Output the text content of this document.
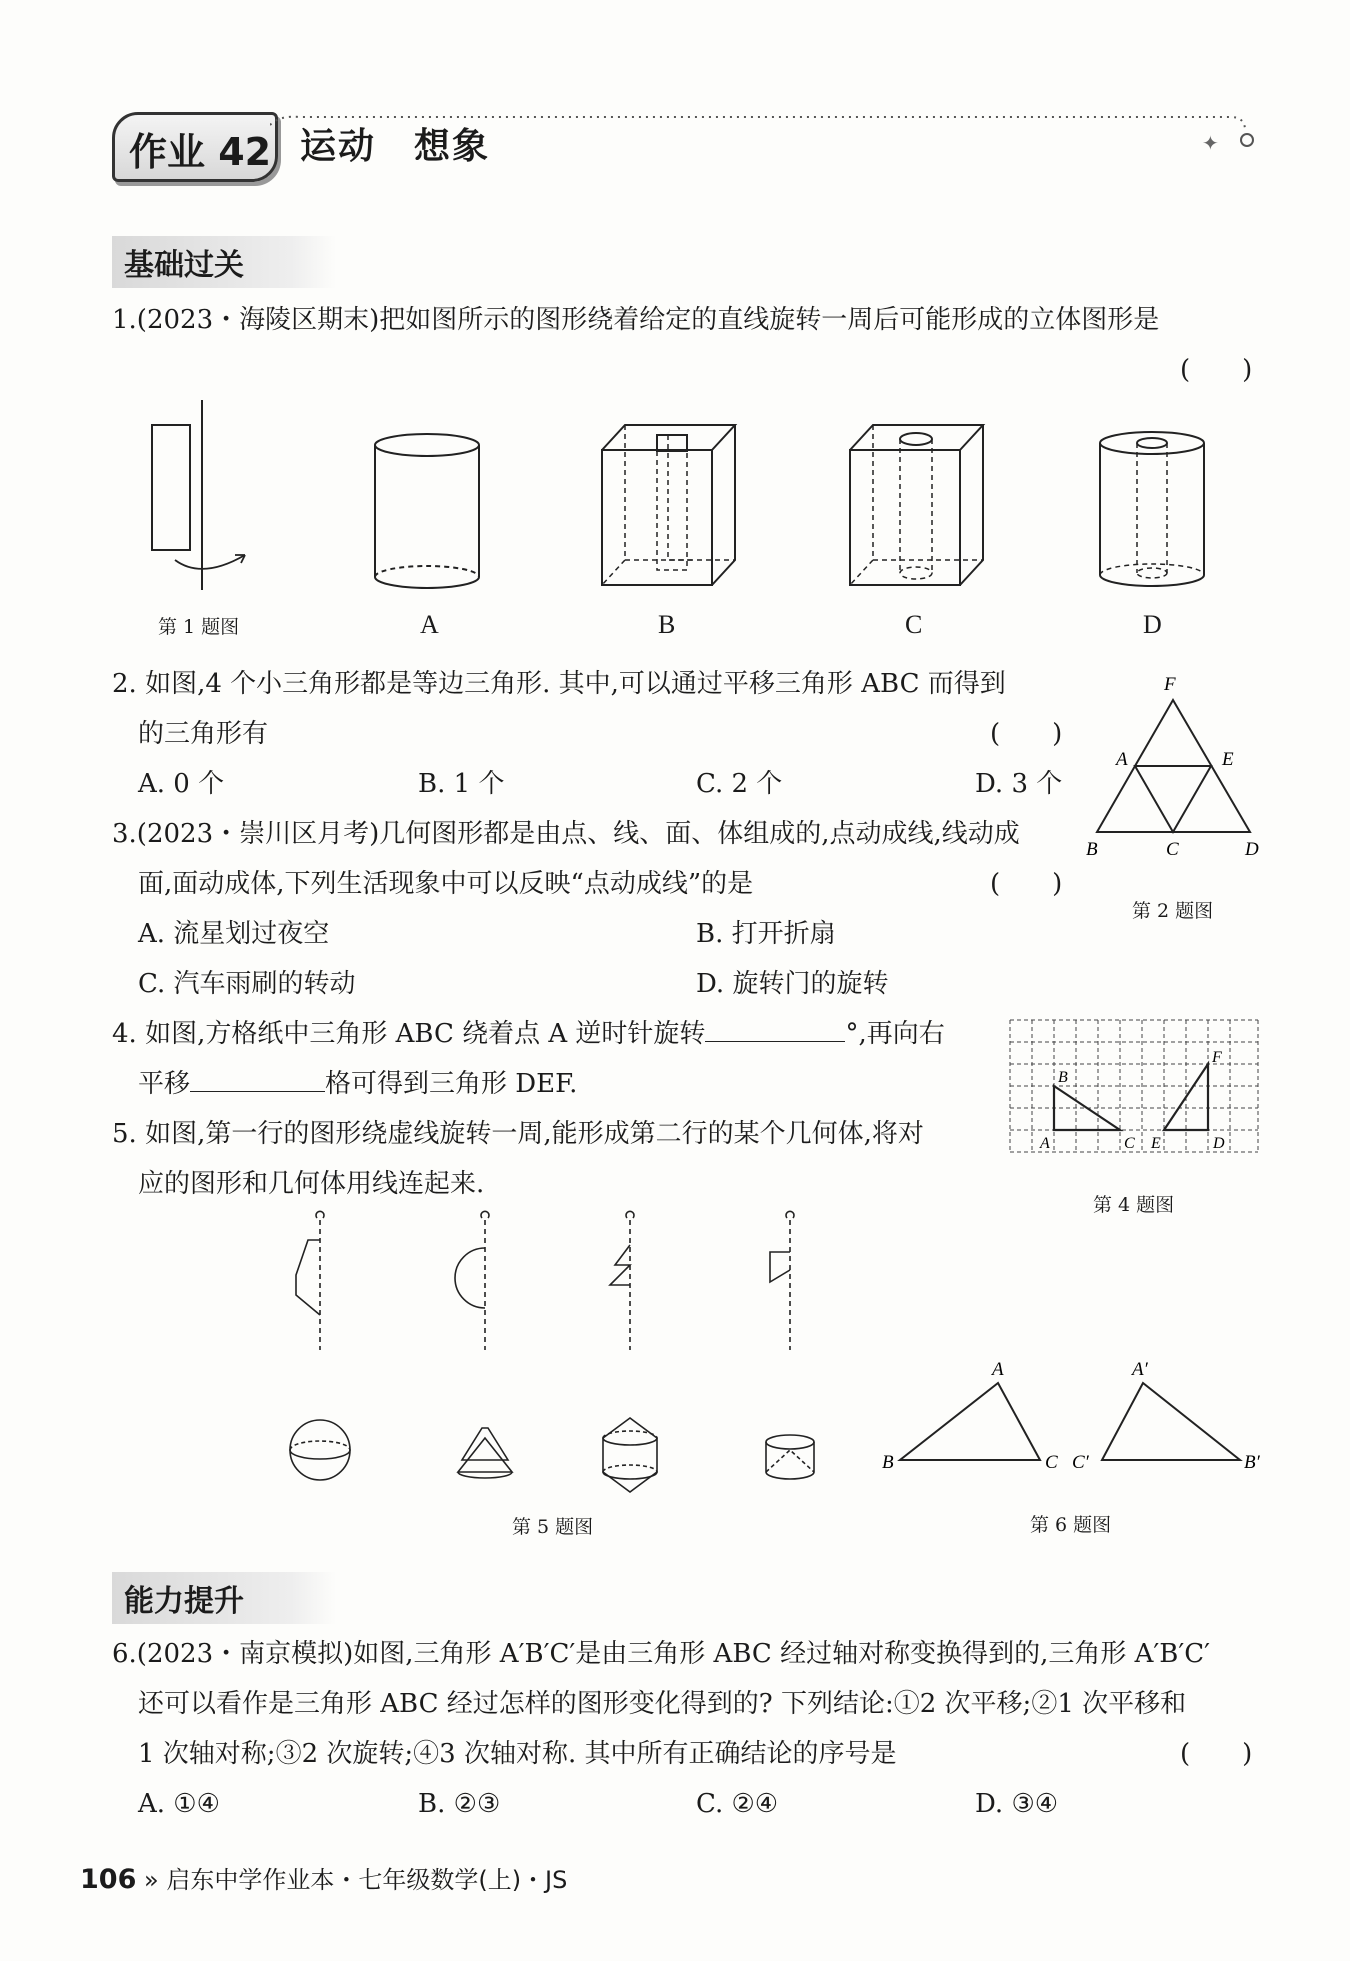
作业 42 运动　想象	✦
基础过关
1.(2023・海陵区期末)把如图所示的图形绕着给定的直线旋转一周后可能形成的立体图形是
(　　)
第 1 题图	A	B	C	D
2. 如图,4 个小三角形都是等边三角形. 其中,可以通过平移三角形 ABC 而得到
的三角形有	(　　)
A. 0 个	B. 1 个	C. 2 个	D. 3 个
F
A	E
B	C	D
第 2 题图
3.(2023・崇川区月考)几何图形都是由点、线、面、体组成的,点动成线,线动成
面,面动成体,下列生活现象中可以反映“点动成线”的是	(　　)
A. 流星划过夜空	B. 打开折扇
C. 汽车雨刷的转动	D. 旋转门的旋转
4. 如图,方格纸中三角形 ABC 绕着点 A 逆时针旋转	°,再向右
平移	格可得到三角形 DEF.	B
F
A	C E	D
第 4 题图
5. 如图,第一行的图形绕虚线旋转一周,能形成第二行的某个几何体,将对
应的图形和几何体用线连起来.
第 5 题图
A
B	C
A′
C′	B′
第 6 题图
能力提升
6.(2023・南京模拟)如图,三角形 A′B′C′是由三角形 ABC 经过轴对称变换得到的,三角形 A′B′C′
还可以看作是三角形 ABC 经过怎样的图形变化得到的? 下列结论:①2 次平移;②1 次平移和
1 次轴对称;③2 次旋转;④3 次轴对称. 其中所有正确结论的序号是	(　　)
A. ①④	B. ②③	C. ②④	D. ③④
106 » 启东中学作业本・七年级数学(上)・JS
